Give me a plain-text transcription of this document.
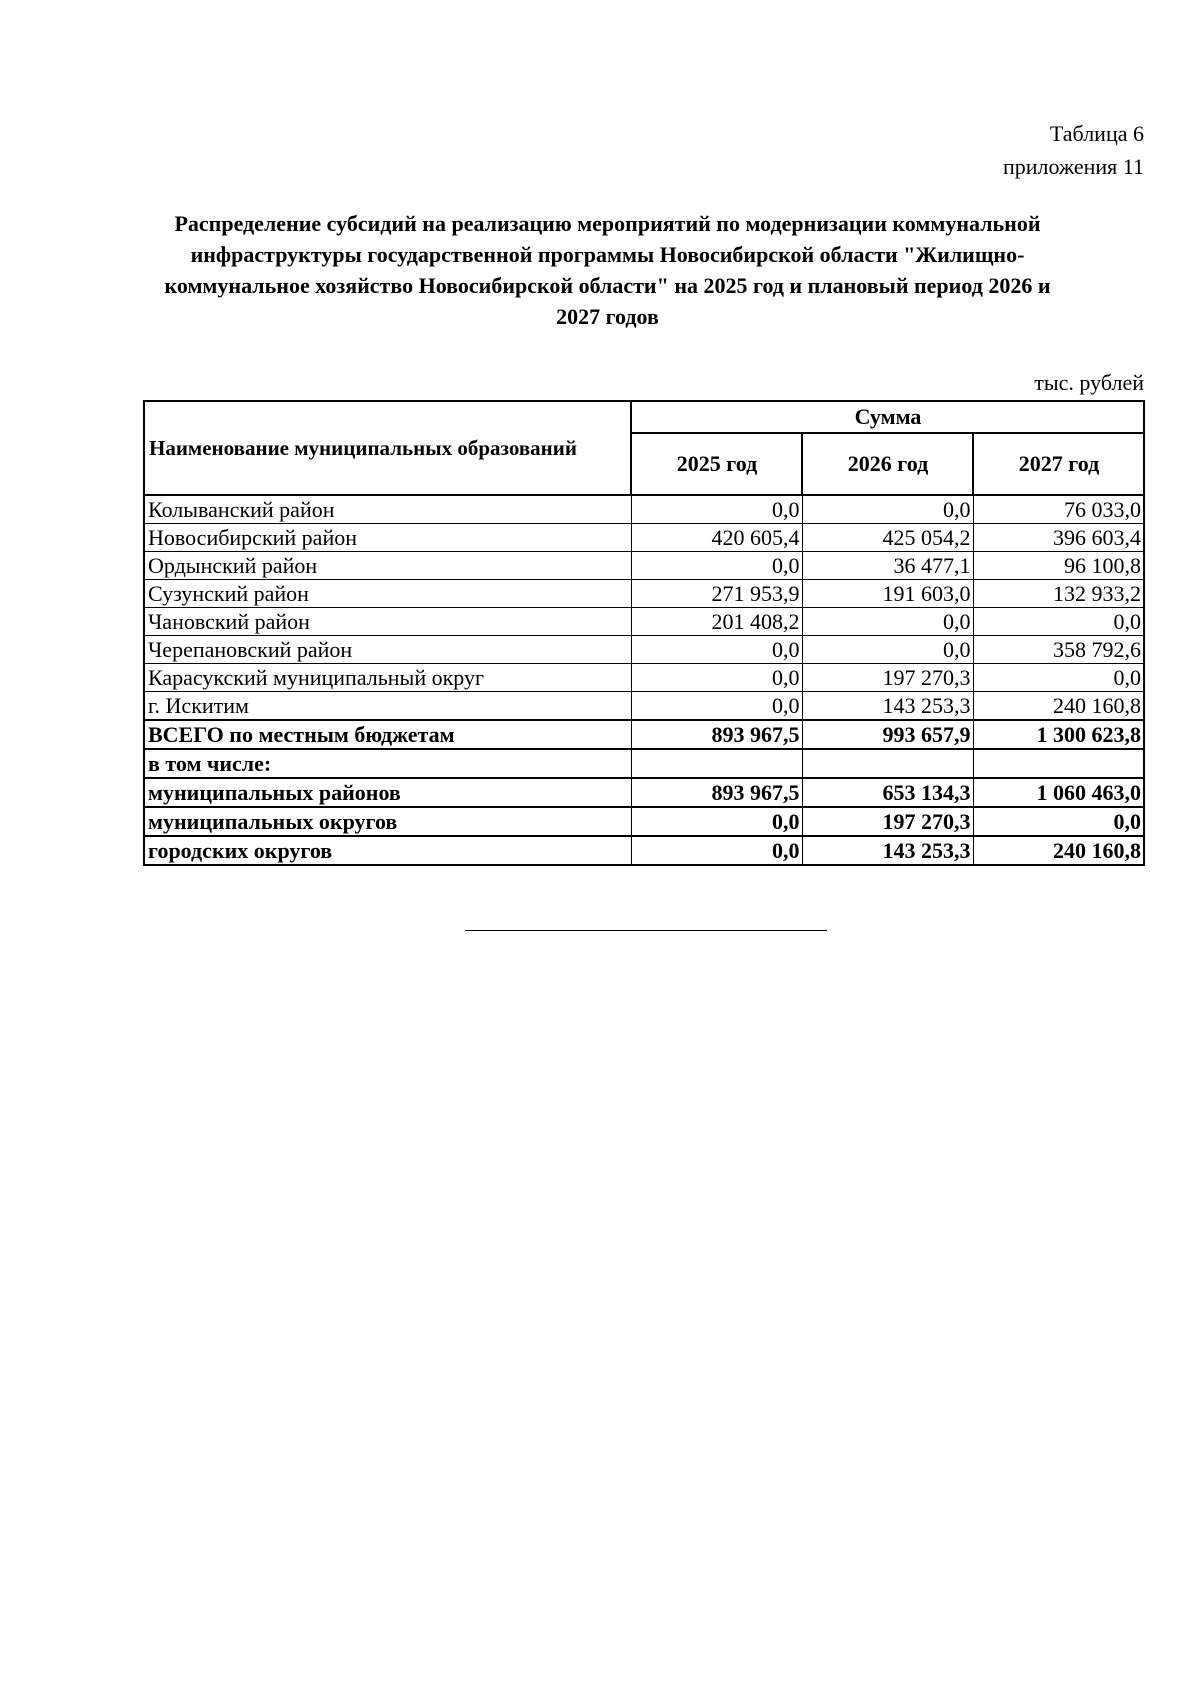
Таблица 6
приложения 11

Распределение субсидий на реализацию мероприятий по модернизации коммунальной инфраструктуры государственной программы Новосибирской области "Жилищно-коммунальное хозяйство Новосибирской области" на 2025 год и плановый период 2026 и 2027 годов

тыс. рублей
Наименование муниципальных образований	Сумма		
	2025 год	2026 год	2027 год
Колыванский район	0,0	0,0	76 033,0
Новосибирский район	420 605,4	425 054,2	396 603,4
Ордынский район	0,0	36 477,1	96 100,8
Сузунский район	271 953,9	191 603,0	132 933,2
Чановский район	201 408,2	0,0	0,0
Черепановский район	0,0	0,0	358 792,6
Карасукский муниципальный округ	0,0	197 270,3	0,0
г. Искитим	0,0	143 253,3	240 160,8
ВСЕГО по местным бюджетам	893 967,5	993 657,9	1 300 623,8
в том числе:			
муниципальных районов	893 967,5	653 134,3	1 060 463,0
муниципальных округов	0,0	197 270,3	0,0
городских округов	0,0	143 253,3	240 160,8
